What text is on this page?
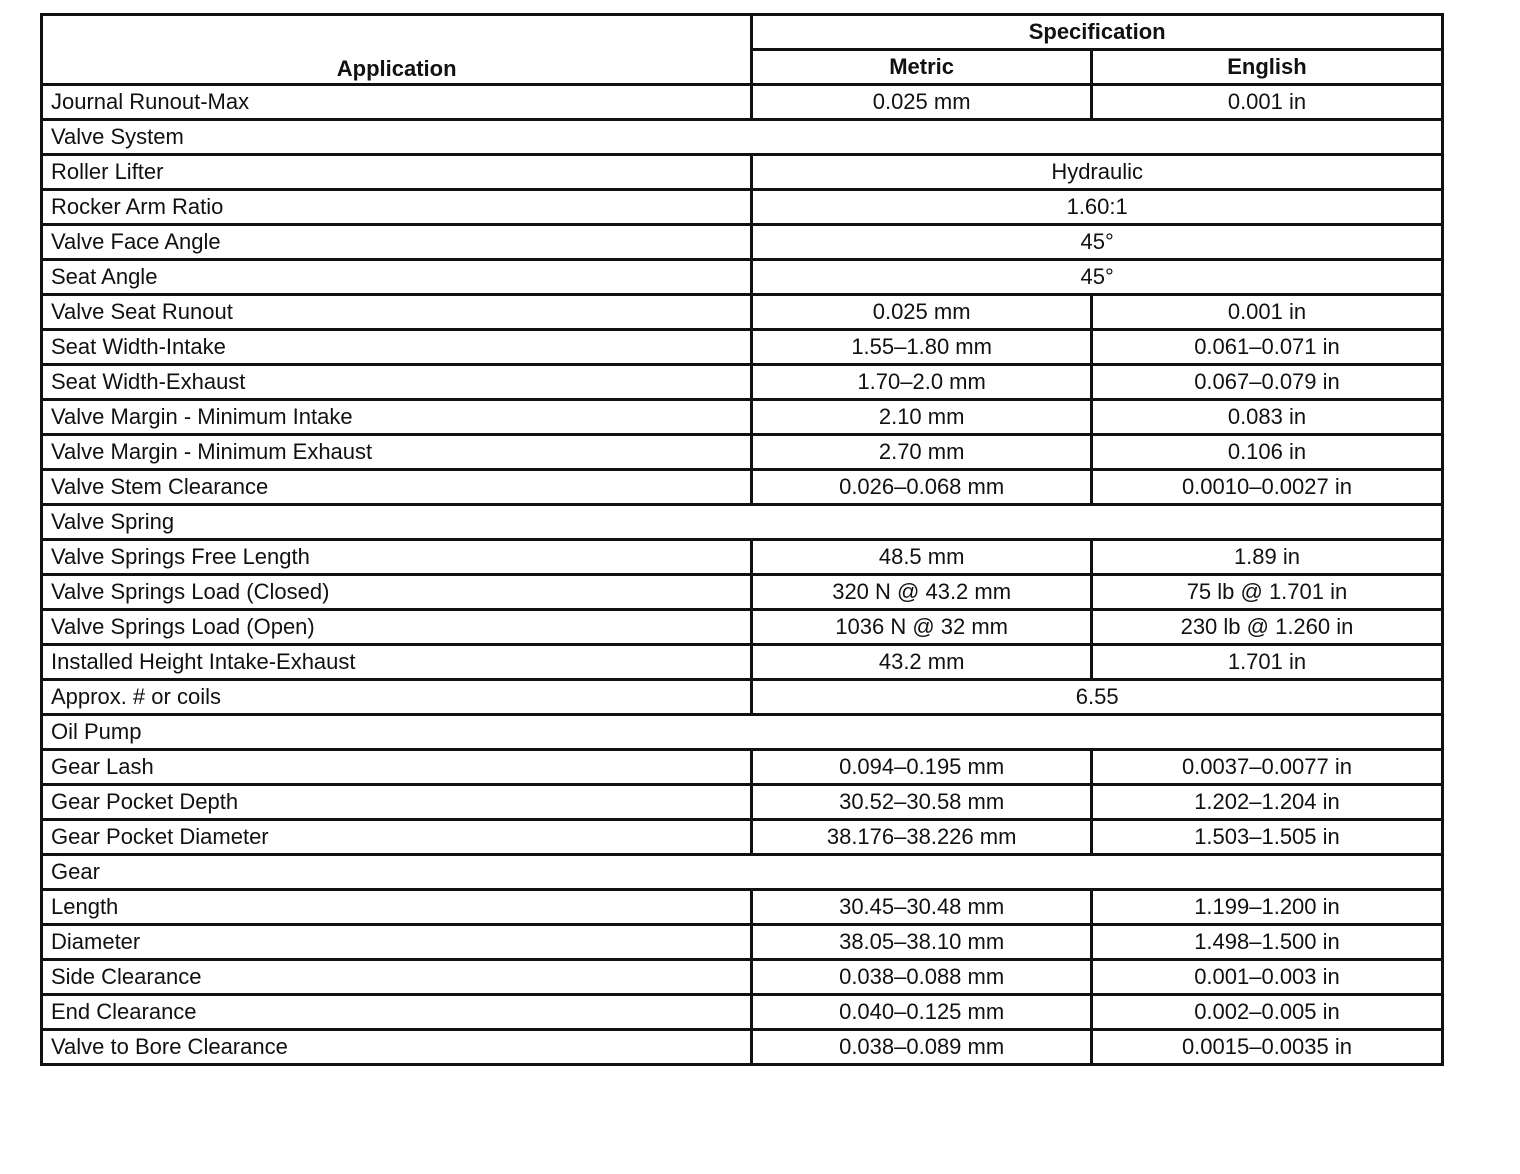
Application	Specification	
	Metric	English
Journal Runout-Max	0.025 mm	0.001 in
Valve System		
Roller Lifter	Hydraulic	
Rocker Arm Ratio	1.60:1	
Valve Face Angle	45°	
Seat Angle	45°	
Valve Seat Runout	0.025 mm	0.001 in
Seat Width-Intake	1.55–1.80 mm	0.061–0.071 in
Seat Width-Exhaust	1.70–2.0 mm	0.067–0.079 in
Valve Margin - Minimum Intake	2.10 mm	0.083 in
Valve Margin - Minimum Exhaust	2.70 mm	0.106 in
Valve Stem Clearance	0.026–0.068 mm	0.0010–0.0027 in
Valve Spring		
Valve Springs Free Length	48.5 mm	1.89 in
Valve Springs Load (Closed)	320 N @ 43.2 mm	75 lb @ 1.701 in
Valve Springs Load (Open)	1036 N @ 32 mm	230 lb @ 1.260 in
Installed Height Intake-Exhaust	43.2 mm	1.701 in
Approx. # or coils	6.55	
Oil Pump		
Gear Lash	0.094–0.195 mm	0.0037–0.0077 in
Gear Pocket Depth	30.52–30.58 mm	1.202–1.204 in
Gear Pocket Diameter	38.176–38.226 mm	1.503–1.505 in
Gear		
Length	30.45–30.48 mm	1.199–1.200 in
Diameter	38.05–38.10 mm	1.498–1.500 in
Side Clearance	0.038–0.088 mm	0.001–0.003 in
End Clearance	0.040–0.125 mm	0.002–0.005 in
Valve to Bore Clearance	0.038–0.089 mm	0.0015–0.0035 in
